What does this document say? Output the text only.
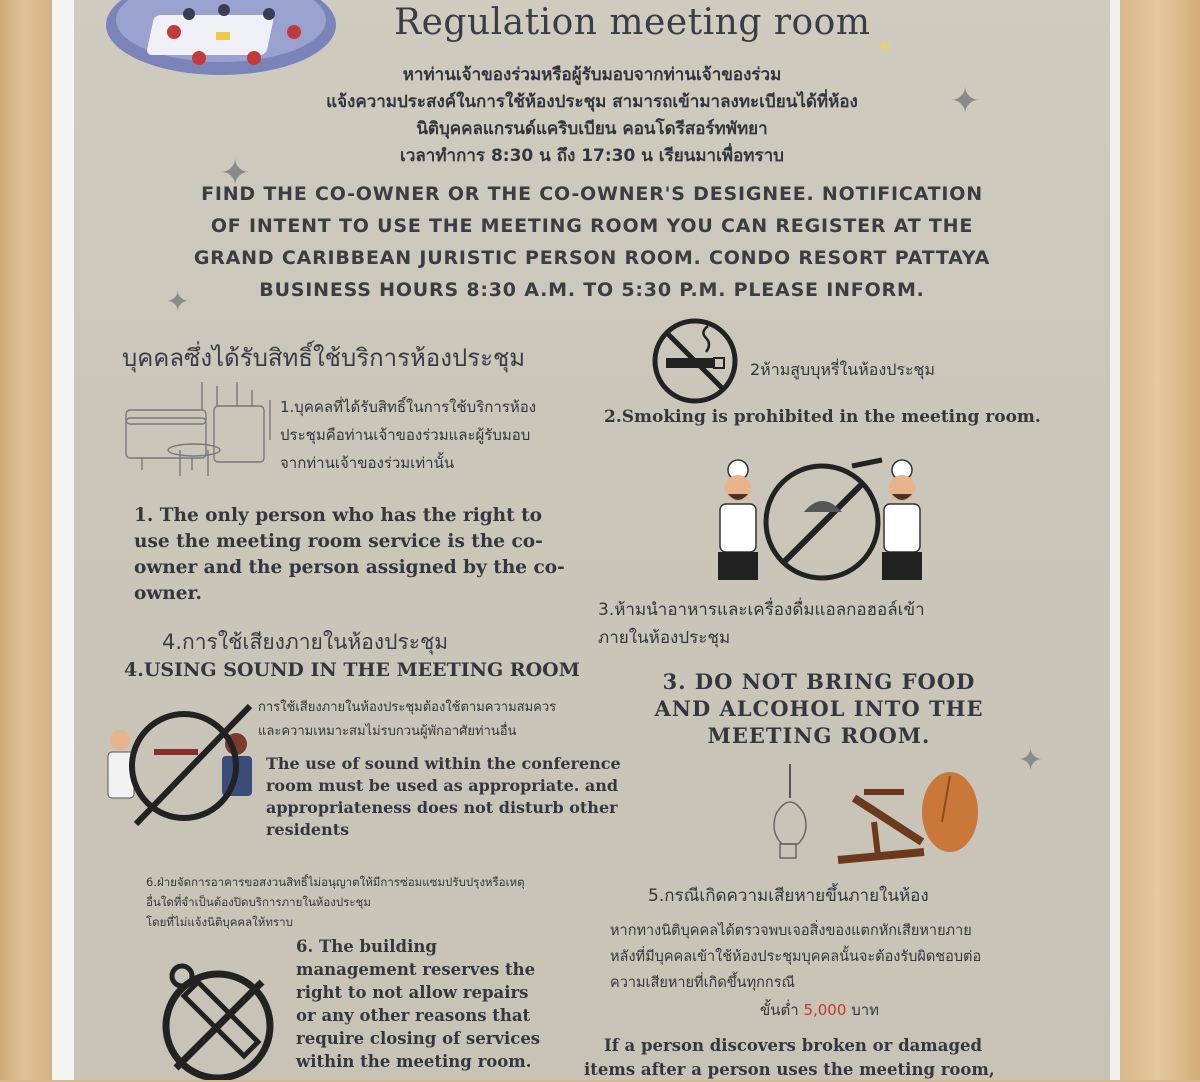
Regulation meeting room
✦
✦
✦
✦
●
หาท่านเจ้าของร่วมหรือผู้รับมอบจากท่านเจ้าของร่วม
แจ้งความประสงค์ในการใช้ห้องประชุม สามารถเข้ามาลงทะเบียนได้ที่ห้อง
นิติบุคคลแกรนด์แคริบเบียน คอนโดรีสอร์ทพัทยา
เวลาทำการ 8:30 น ถึง 17:30 น เรียนมาเพื่อทราบ
FIND THE CO-OWNER OR THE CO-OWNER'S DESIGNEE. NOTIFICATION
OF INTENT TO USE THE MEETING ROOM YOU CAN REGISTER AT THE
GRAND CARIBBEAN JURISTIC PERSON ROOM. CONDO RESORT PATTAYA
BUSINESS HOURS 8:30 A.M. TO 5:30 P.M. PLEASE INFORM.
บุคคลซึ่งได้รับสิทธิ์ใช้บริการห้องประชุม
1.บุคคลที่ได้รับสิทธิ์ในการใช้บริการห้อง
ประชุมคือท่านเจ้าของร่วมและผู้รับมอบ
จากท่านเจ้าของร่วมเท่านั้น
1. The only person who has the right to
use the meeting room service is the co-
owner and the person assigned by the co-
owner.
2ห้ามสูบบุหรี่ในห้องประชุม
2.Smoking is prohibited in the meeting room.
3.ห้ามนำอาหารและเครื่องดื่มแอลกอฮอล์เข้า
ภายในห้องประชุม
3. DO NOT BRING FOOD
AND ALCOHOL INTO THE
MEETING ROOM.
4.การใช้เสียงภายในห้องประชุม
4.USING SOUND IN THE MEETING ROOM
การใช้เสียงภายในห้องประชุมต้องใช้ตามความสมควร
และความเหมาะสมไม่รบกวนผู้พักอาศัยท่านอื่น
The use of sound within the conference
room must be used as appropriate. and
appropriateness does not disturb other
residents
5.กรณีเกิดความเสียหายขึ้นภายในห้อง
หากทางนิติบุคคลได้ตรวจพบเจอสิ่งของแตกหักเสียหายภาย
หลังที่มีบุคคลเข้าใช้ห้องประชุมบุคคลนั้นจะต้องรับผิดชอบต่อ
ความเสียหายที่เกิดขึ้นทุกกรณี
ขั้นต่ำ 5,000 บาท
If a person discovers broken or damaged
items after a person uses the meeting room,
6.ฝ่ายจัดการอาคารขอสงวนสิทธิ์ไม่อนุญาตให้มีการซ่อมแซมปรับปรุงหรือเหตุ
อื่นใดที่จำเป็นต้องปิดบริการภายในห้องประชุม
โดยที่ไม่แจ้งนิติบุคคลให้ทราบ
6. The building
management reserves the
right to not allow repairs
or any other reasons that
require closing of services
within the meeting room.
